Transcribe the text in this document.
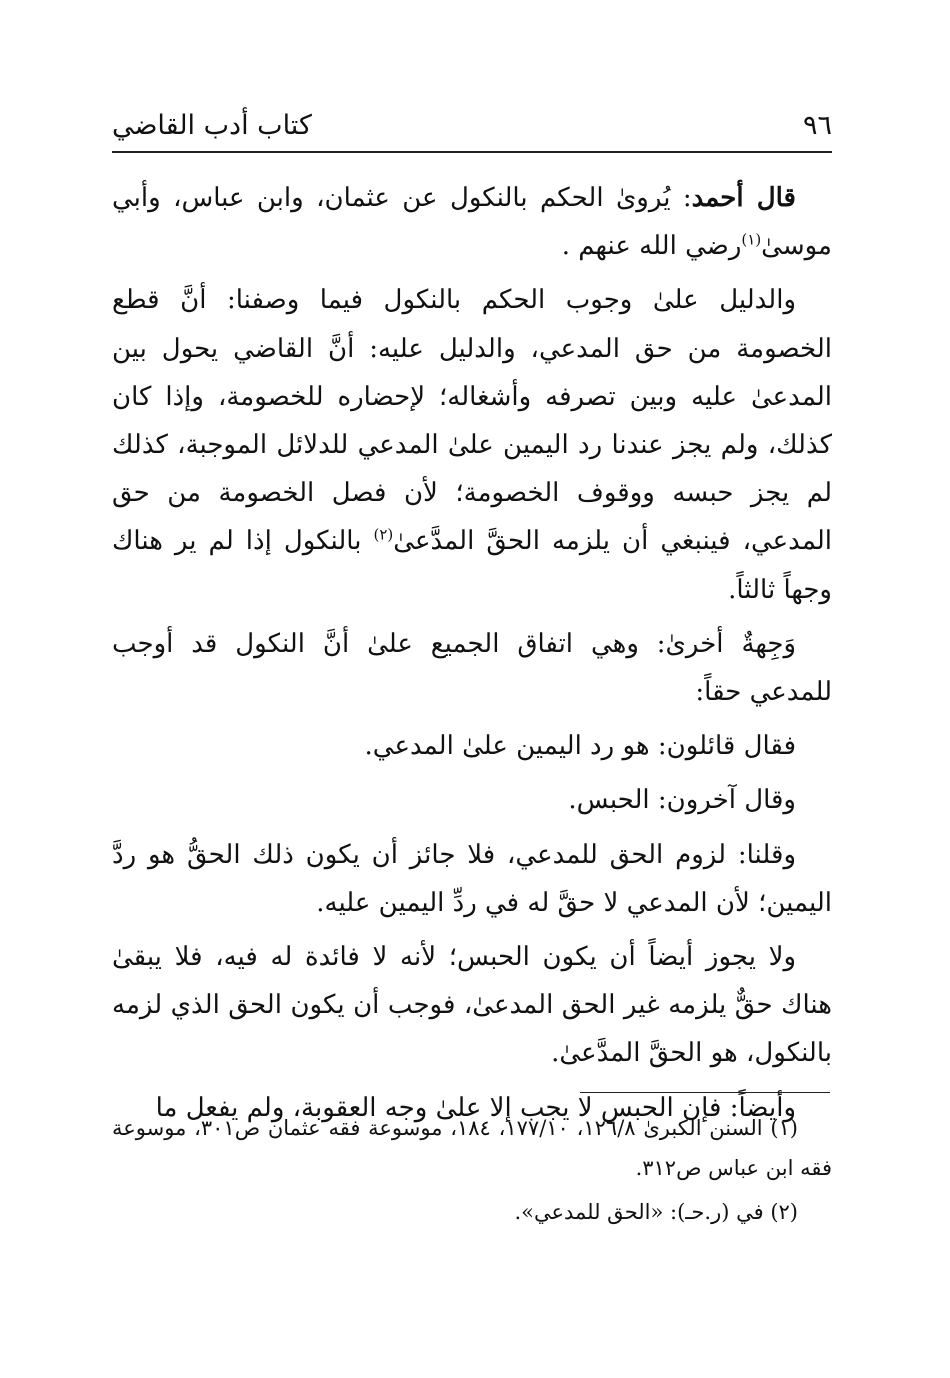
٩٦
كتاب أدب القاضي

قال أحمد: يُروىٰ الحكم بالنكول عن عثمان، وابن عباس، وأبي موسىٰ$^{(١)}$رضي الله عنهم .

والدليل علىٰ وجوب الحكم بالنكول فيما وصفنا: أنَّ قطع الخصومة من حق المدعي، والدليل عليه: أنَّ القاضي يحول بين المدعىٰ عليه وبين تصرفه وأشغاله؛ لإحضاره للخصومة، وإذا كان كذلك، ولم يجز عندنا رد اليمين علىٰ المدعي للدلائل الموجبة، كذلك لم يجز حبسه ووقوف الخصومة؛ لأن فصل الخصومة من حق المدعي، فينبغي أن يلزمه الحقَّ المدَّعىٰ$^{(٢)}$ بالنكول إذا لم ير هناك وجهاً ثالثاً.

وَجِهةٌ أخرىٰ: وهي اتفاق الجميع علىٰ أنَّ النكول قد أوجب للمدعي حقاً:

فقال قائلون: هو رد اليمين علىٰ المدعي.

وقال آخرون: الحبس.

وقلنا: لزوم الحق للمدعي، فلا جائز أن يكون ذلك الحقُّ هو ردَّ اليمين؛ لأن المدعي لا حقَّ له في ردِّ اليمين عليه.

ولا يجوز أيضاً أن يكون الحبس؛ لأنه لا فائدة له فيه، فلا يبقىٰ هناك حقٌّ يلزمه غير الحق المدعىٰ، فوجب أن يكون الحق الذي لزمه بالنكول، هو الحقَّ المدَّعىٰ.

وأيضاً: فإن الحبس لا يجب إلا علىٰ وجه العقوبة، ولم يفعل ما

(١) السنن الكبرىٰ ١٢٦/٨، ١٧٧/١٠، ١٨٤، موسوعة فقه عثمان ص٣٠١، موسوعة فقه ابن عباس ص٣١٢.

(٢) في (ر.حـ): «الحق للمدعي».
